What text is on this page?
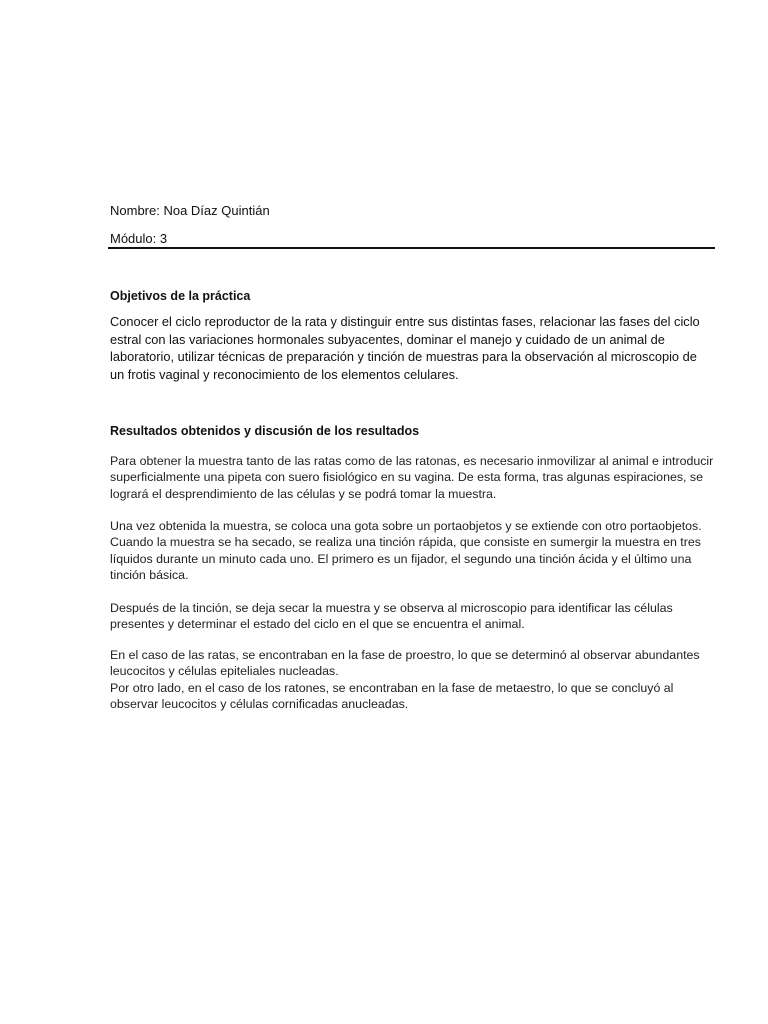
Nombre: Noa Díaz Quintián
Módulo: 3
Objetivos de la práctica

Conocer el ciclo reproductor de la rata y distinguir entre sus distintas fases, relacionar las fases del ciclo estral con las variaciones hormonales subyacentes, dominar el manejo y cuidado de un animal de laboratorio, utilizar técnicas de preparación y tinción de muestras para la observación al microscopio de un frotis vaginal y reconocimiento de los elementos celulares.

Resultados obtenidos y discusión de los resultados

Para obtener la muestra tanto de las ratas como de las ratonas, es necesario inmovilizar al animal e introducir superficialmente una pipeta con suero fisiológico en su vagina. De esta forma, tras algunas espiraciones, se logrará el desprendimiento de las células y se podrá tomar la muestra.

Una vez obtenida la muestra, se coloca una gota sobre un portaobjetos y se extiende con otro portaobjetos. Cuando la muestra se ha secado, se realiza una tinción rápida, que consiste en sumergir la muestra en tres líquidos durante un minuto cada uno. El primero es un fijador, el segundo una tinción ácida y el último una tinción básica.

Después de la tinción, se deja secar la muestra y se observa al microscopio para identificar las células presentes y determinar el estado del ciclo en el que se encuentra el animal.

En el caso de las ratas, se encontraban en la fase de proestro, lo que se determinó al observar abundantes leucocitos y células epiteliales nucleadas.

Por otro lado, en el caso de los ratones, se encontraban en la fase de metaestro, lo que se concluyó al observar leucocitos y células cornificadas anucleadas.
